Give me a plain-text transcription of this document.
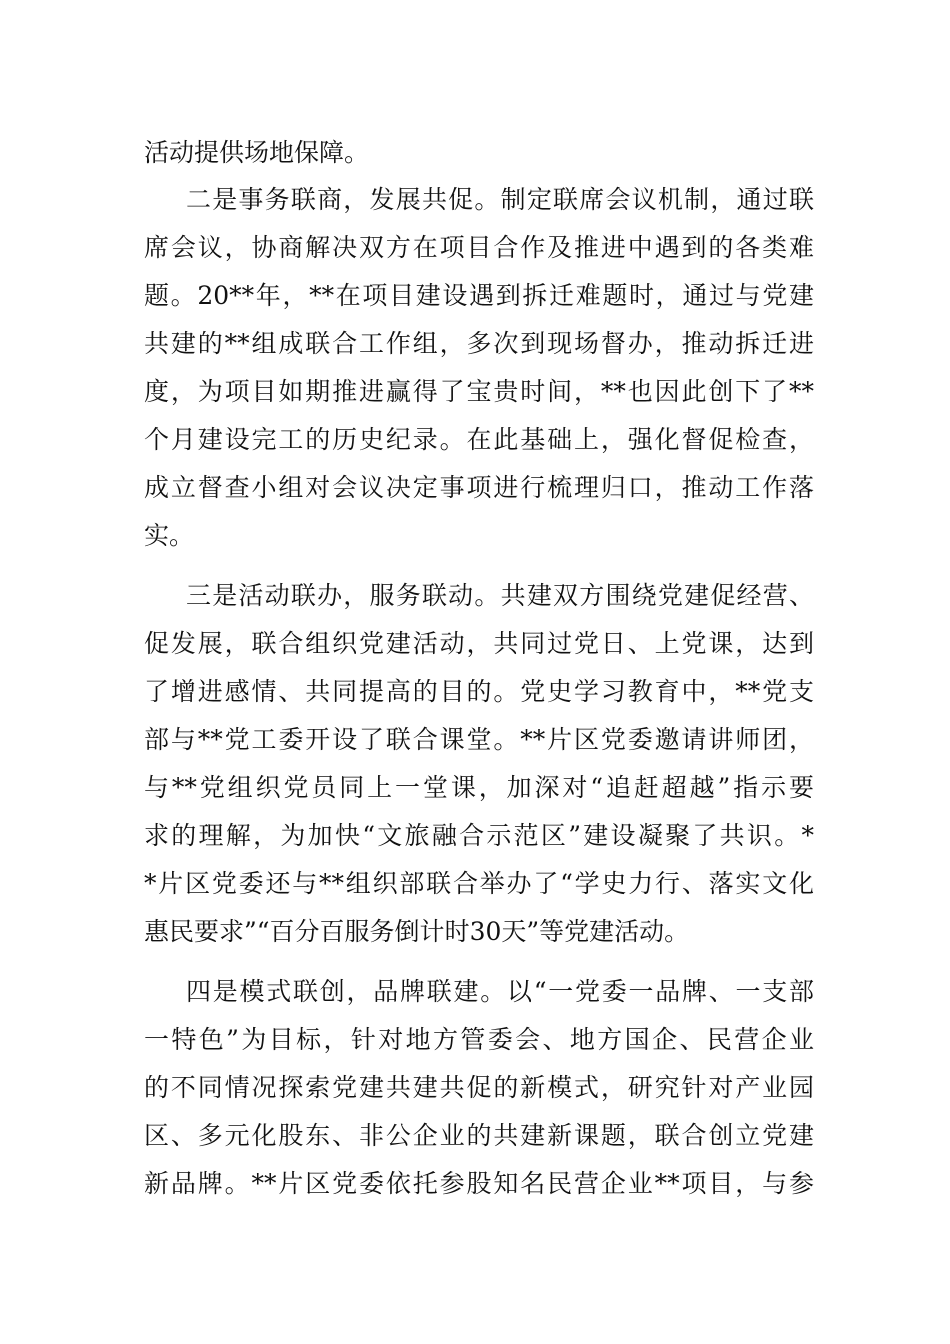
活动提供场地保障。
二是事务联商，发展共促。制定联席会议机制，通过联
席会议，协商解决双方在项目合作及推进中遇到的各类难
题。20**年，**在项目建设遇到拆迁难题时，通过与党建
共建的**组成联合工作组，多次到现场督办，推动拆迁进
度，为项目如期推进赢得了宝贵时间，**也因此创下了**
个月建设完工的历史纪录。在此基础上，强化督促检查，
成立督查小组对会议决定事项进行梳理归口，推动工作落
实。
三是活动联办，服务联动。共建双方围绕党建促经营、
促发展，联合组织党建活动，共同过党日、上党课，达到
了增进感情、共同提高的目的。党史学习教育中，**党支
部与**党工委开设了联合课堂。**片区党委邀请讲师团，
与**党组织党员同上一堂课，加深对“追赶超越”指示要
求的理解，为加快“文旅融合示范区”建设凝聚了共识。*
*片区党委还与**组织部联合举办了“学史力行、落实文化
惠民要求”“百分百服务倒计时30天”等党建活动。
四是模式联创，品牌联建。以“一党委一品牌、一支部
一特色”为目标，针对地方管委会、地方国企、民营企业
的不同情况探索党建共建共促的新模式，研究针对产业园
区、多元化股东、非公企业的共建新课题，联合创立党建
新品牌。**片区党委依托参股知名民营企业**项目，与参
